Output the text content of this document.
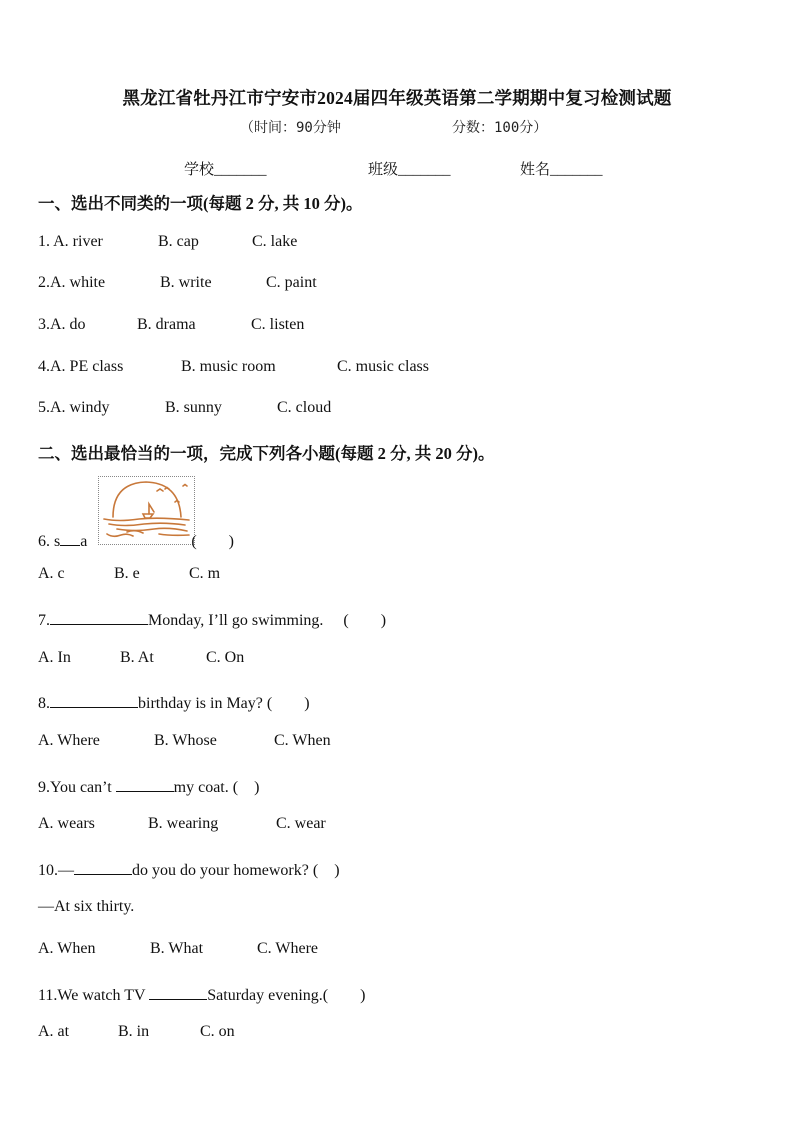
黑龙江省牡丹江市宁安市2024届四年级英语第二学期期中复习检测试题
（时间：90分钟	分数：100分）
学校_______	班级_______	姓名_______
一、选出不同类的一项(每题 2 分, 共 10 分)。
1. A. river	B. cap	C. lake
2.A. white	B. write	C. paint
3.A. do	B. drama	C. listen
4.A. PE class	B. music room	C. music class
5.A. windy	B. sunny	C. cloud
二、选出最恰当的一项，完成下列各小题(每题 2 分, 共 20 分)。
6. s a	(　　)
A. c	B. e	C. m
7.	Monday, I’ll go swimming. (　　)
A. In	B. At	C. On
8.	birthday is in May? (　　)
A. Where	B. Whose	C. When
9.You can’t	my coat. (　)
A. wears	B. wearing	C. wear
10.—	do you do your homework? (　)
—At six thirty.
A. When	B. What	C. Where
11.We watch TV	Saturday evening.(　　)
A. at	B. in	C. on
